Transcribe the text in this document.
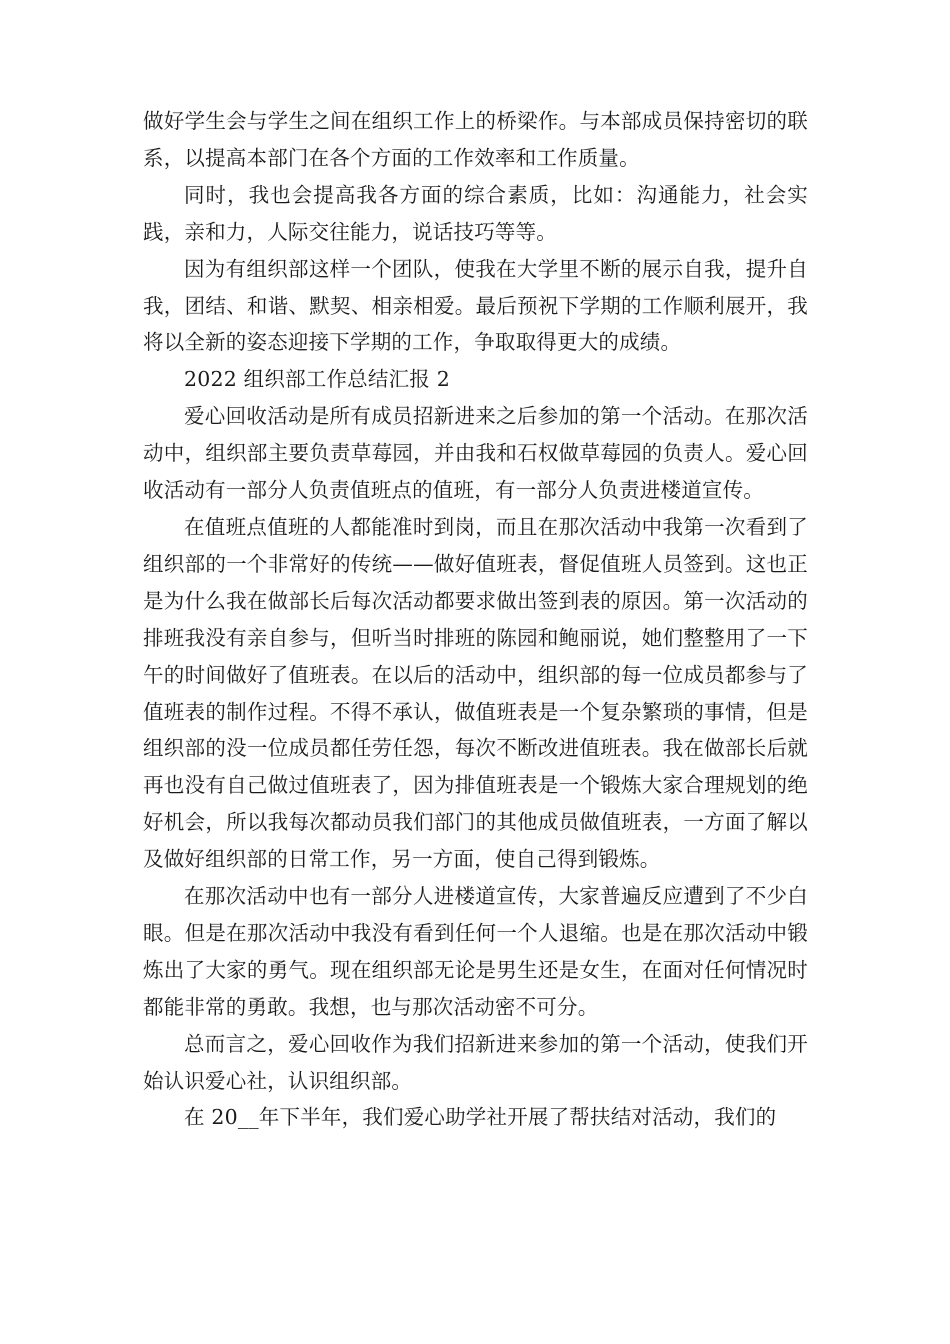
做好学生会与学生之间在组织工作上的桥梁作。与本部成员保持密切的联系，以提高本部门在各个方面的工作效率和工作质量。

同时，我也会提高我各方面的综合素质，比如：沟通能力，社会实践，亲和力，人际交往能力，说话技巧等等。

因为有组织部这样一个团队，使我在大学里不断的展示自我，提升自我，团结、和谐、默契、相亲相爱。最后预祝下学期的工作顺利展开，我将以全新的姿态迎接下学期的工作，争取取得更大的成绩。

2022 组织部工作总结汇报 2

爱心回收活动是所有成员招新进来之后参加的第一个活动。在那次活动中，组织部主要负责草莓园，并由我和石权做草莓园的负责人。爱心回收活动有一部分人负责值班点的值班，有一部分人负责进楼道宣传。

在值班点值班的人都能准时到岗，而且在那次活动中我第一次看到了组织部的一个非常好的传统——做好值班表，督促值班人员签到。这也正是为什么我在做部长后每次活动都要求做出签到表的原因。第一次活动的排班我没有亲自参与，但听当时排班的陈园和鲍丽说，她们整整用了一下午的时间做好了值班表。在以后的活动中，组织部的每一位成员都参与了值班表的制作过程。不得不承认，做值班表是一个复杂繁琐的事情，但是组织部的没一位成员都任劳任怨，每次不断改进值班表。我在做部长后就再也没有自己做过值班表了，因为排值班表是一个锻炼大家合理规划的绝好机会，所以我每次都动员我们部门的其他成员做值班表，一方面了解以及做好组织部的日常工作，另一方面，使自己得到锻炼。

在那次活动中也有一部分人进楼道宣传，大家普遍反应遭到了不少白眼。但是在那次活动中我没有看到任何一个人退缩。也是在那次活动中锻炼出了大家的勇气。现在组织部无论是男生还是女生，在面对任何情况时都能非常的勇敢。我想，也与那次活动密不可分。

总而言之，爱心回收作为我们招新进来参加的第一个活动，使我们开始认识爱心社，认识组织部。

在 20__年下半年，我们爱心助学社开展了帮扶结对活动，我们的
